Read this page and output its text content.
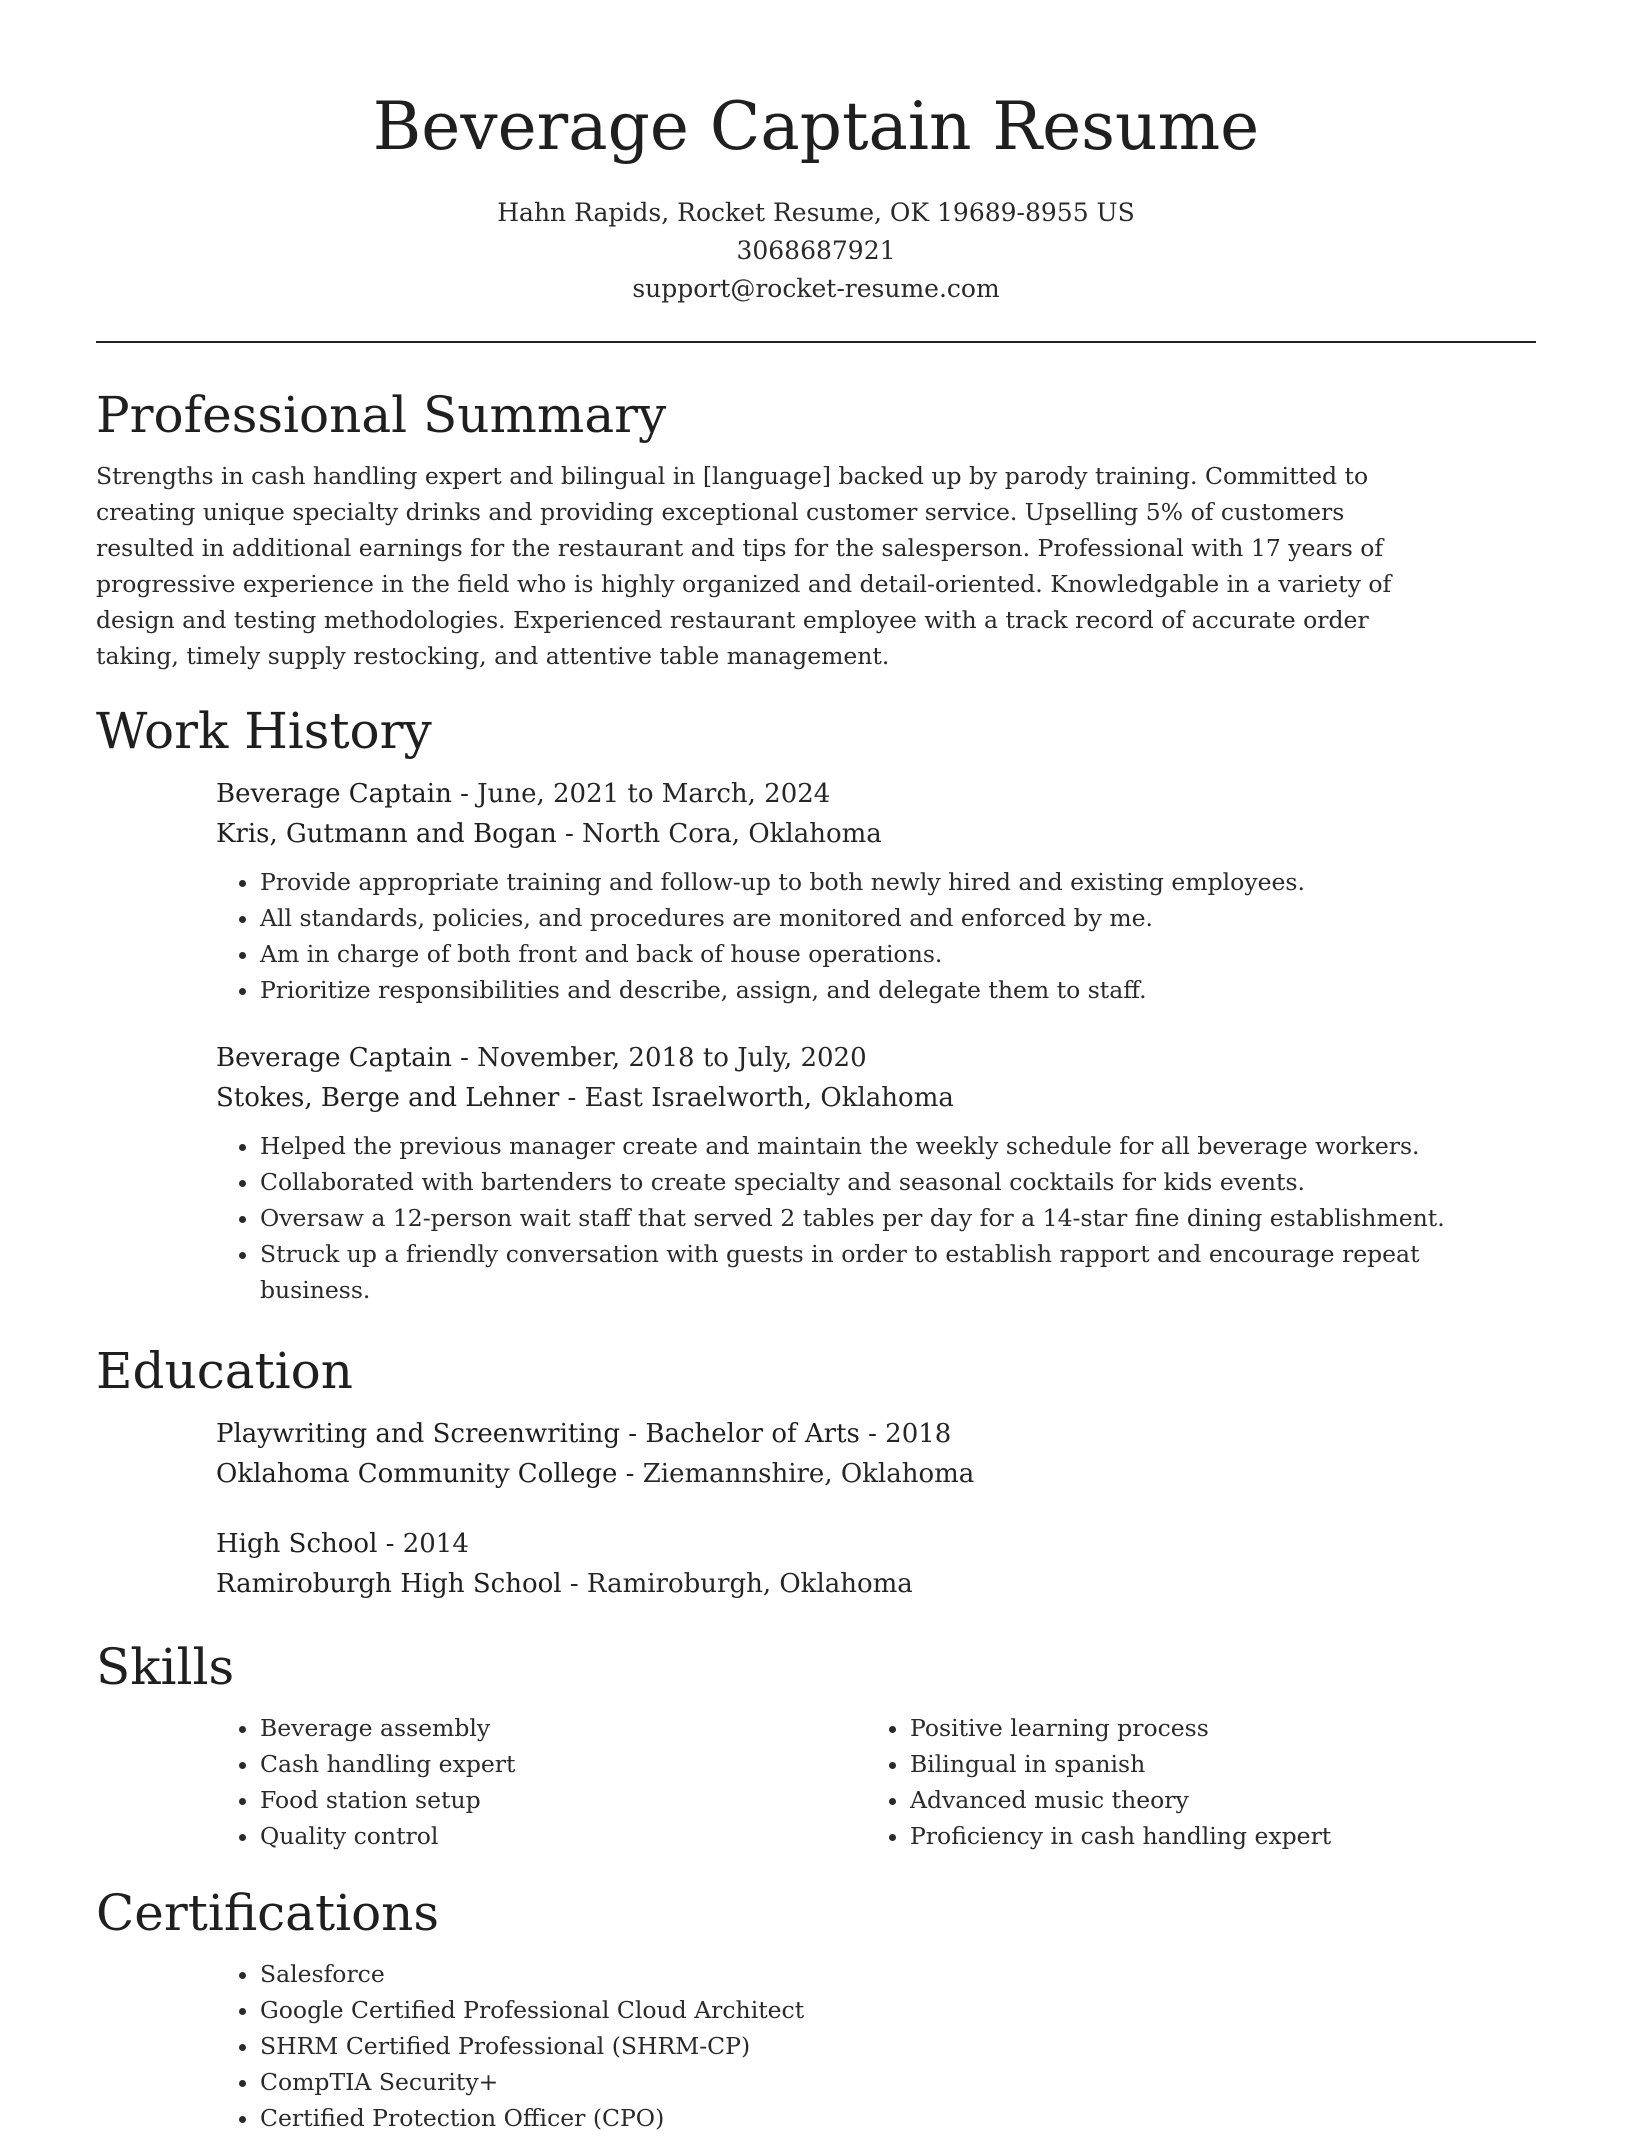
Beverage Captain Resume
Hahn Rapids, Rocket Resume, OK 19689-8955 US
3068687921
support@rocket-resume.com
Professional Summary

Strengths in cash handling expert and bilingual in [language] backed up by parody training. Committed to creating unique specialty drinks and providing exceptional customer service. Upselling 5% of customers resulted in additional earnings for the restaurant and tips for the salesperson. Professional with 17 years of progressive experience in the field who is highly organized and detail-oriented. Knowledgable in a variety of design and testing methodologies. Experienced restaurant employee with a track record of accurate order taking, timely supply restocking, and attentive table management.

Work History
Beverage Captain - June, 2021 to March, 2024
Kris, Gutmann and Bogan - North Cora, Oklahoma
• Provide appropriate training and follow-up to both newly hired and existing employees.
• All standards, policies, and procedures are monitored and enforced by me.
• Am in charge of both front and back of house operations.
• Prioritize responsibilities and describe, assign, and delegate them to staff.
Beverage Captain - November, 2018 to July, 2020
Stokes, Berge and Lehner - East Israelworth, Oklahoma
• Helped the previous manager create and maintain the weekly schedule for all beverage workers.
• Collaborated with bartenders to create specialty and seasonal cocktails for kids events.
• Oversaw a 12-person wait staff that served 2 tables per day for a 14-star fine dining establishment.
• Struck up a friendly conversation with guests in order to establish rapport and encourage repeat business.
Education
Playwriting and Screenwriting - Bachelor of Arts - 2018
Oklahoma Community College - Ziemannshire, Oklahoma
High School - 2014
Ramiroburgh High School - Ramiroburgh, Oklahoma
Skills
• Beverage assembly
• Cash handling expert
• Food station setup
• Quality control
• Positive learning process
• Bilingual in spanish
• Advanced music theory
• Proficiency in cash handling expert
Certifications
• Salesforce
• Google Certified Professional Cloud Architect
• SHRM Certified Professional (SHRM-CP)
• CompTIA Security+
• Certified Protection Officer (CPO)
